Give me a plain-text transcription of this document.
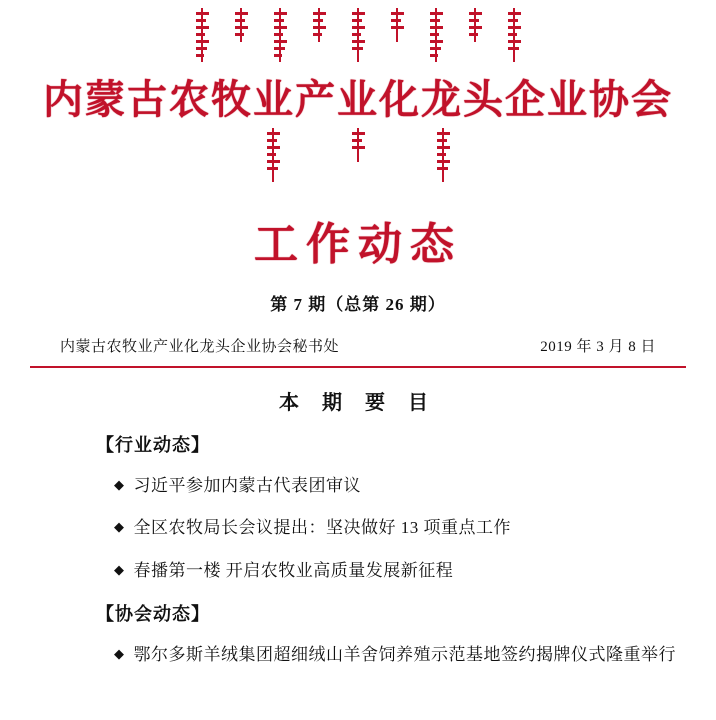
内蒙古农牧业产业化龙头企业协会
工作动态
第 7 期（总第 26 期）
内蒙古农牧业产业化龙头企业协会秘书处	2019 年 3 月 8 日
本 期 要 目
【行业动态】
◆ 习近平参加内蒙古代表团审议
◆ 全区农牧局长会议提出：坚决做好 13 项重点工作
◆ 春播第一楼 开启农牧业高质量发展新征程
【协会动态】
◆ 鄂尔多斯羊绒集团超细绒山羊舍饲养殖示范基地签约揭牌仪式隆重举行
